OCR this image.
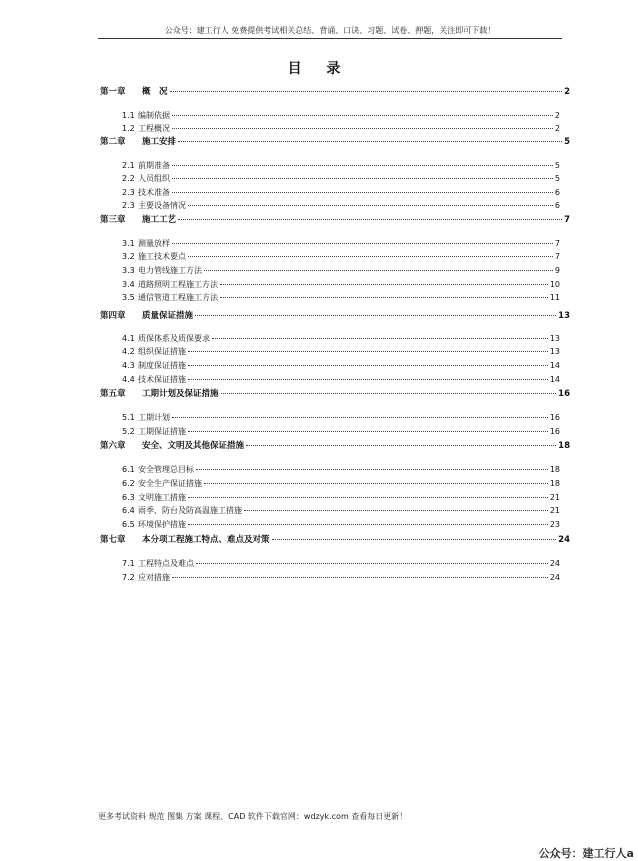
公众号：建工行人 免费提供考试相关总结、背诵、口诀、习题、试卷、押题，关注即可下载！
目 录
第一章	概　况	2
1.1 编制依据	2
1.2 工程概况	2
第二章	施工安排	5
2.1 前期准备	5
2.2 人员组织	5
2.3 技术准备	6
2.3 主要设备情况	6
第三章	施工工艺	7
3.1 测量放样	7
3.2 施工技术要点	7
3.3 电力管线施工方法	9
3.4 道路照明工程施工方法	10
3.5 通信管道工程施工方法	11
第四章	质量保证措施	13
4.1 质保体系及质保要求	13
4.2 组织保证措施	13
4.3 制度保证措施	14
4.4 技术保证措施	14
第五章	工期计划及保证措施	16
5.1 工期计划	16
5.2 工期保证措施	16
第六章	安全、文明及其他保证措施	18
6.1 安全管理总目标	18
6.2 安全生产保证措施	18
6.3 文明施工措施	21
6.4 雨季、防台及防高温施工措施	21
6.5 环境保护措施	23
第七章	本分项工程施工特点、难点及对策	24
7.1 工程特点及难点	24
7.2 应对措施	24
更多考试资料 规范 图集 方案 课程、CAD 软件下载官网：wdzyk.com 查看每日更新！
公众号：建工行人a
